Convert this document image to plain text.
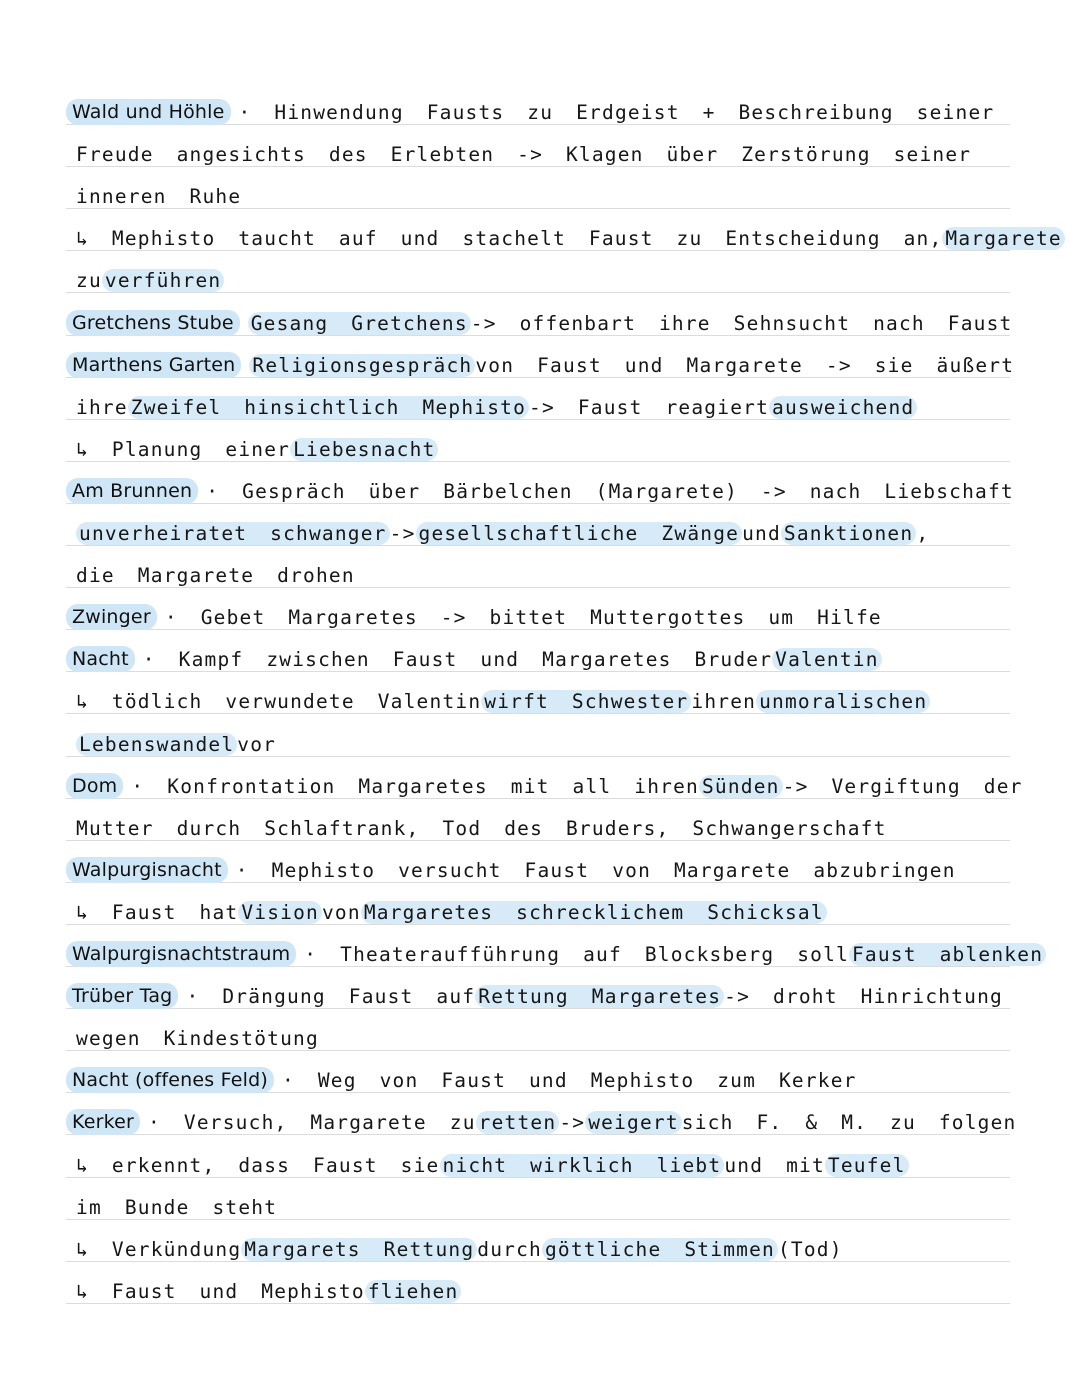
Wald und Höhle · Hinwendung Fausts zu Erdgeist + Beschreibung seiner
Freude angesichts des Erlebten -> Klagen über Zerstörung seiner
inneren Ruhe
↳ Mephisto taucht auf und stachelt Faust zu Entscheidung an, Margarete
zu verführen
Gretchens Stube Gesang Gretchens -> offenbart ihre Sehnsucht nach Faust
Marthens Garten Religionsgespräch von Faust und Margarete -> sie äußert
ihre Zweifel hinsichtlich Mephisto -> Faust reagiert ausweichend
↳ Planung einer Liebesnacht
Am Brunnen · Gespräch über Bärbelchen (Margarete) -> nach Liebschaft
unverheiratet schwanger -> gesellschaftliche Zwänge und Sanktionen ,
die Margarete drohen
Zwinger · Gebet Margaretes -> bittet Muttergottes um Hilfe
Nacht · Kampf zwischen Faust und Margaretes Bruder Valentin
↳ tödlich verwundete Valentin wirft Schwester ihren unmoralischen
Lebenswandel vor
Dom · Konfrontation Margaretes mit all ihren Sünden -> Vergiftung der
Mutter durch Schlaftrank, Tod des Bruders, Schwangerschaft
Walpurgisnacht · Mephisto versucht Faust von Margarete abzubringen
↳ Faust hat Vision von Margaretes schrecklichem Schicksal
Walpurgisnachtstraum · Theateraufführung auf Blocksberg soll Faust ablenken
Trüber Tag · Drängung Faust auf Rettung Margaretes -> droht Hinrichtung
wegen Kindestötung
Nacht (offenes Feld) · Weg von Faust und Mephisto zum Kerker
Kerker · Versuch, Margarete zu retten -> weigert sich F. & M. zu folgen
↳ erkennt, dass Faust sie nicht wirklich liebt und mit Teufel
im Bunde steht
↳ Verkündung Margarets Rettung durch göttliche Stimmen (Tod)
↳ Faust und Mephisto fliehen
